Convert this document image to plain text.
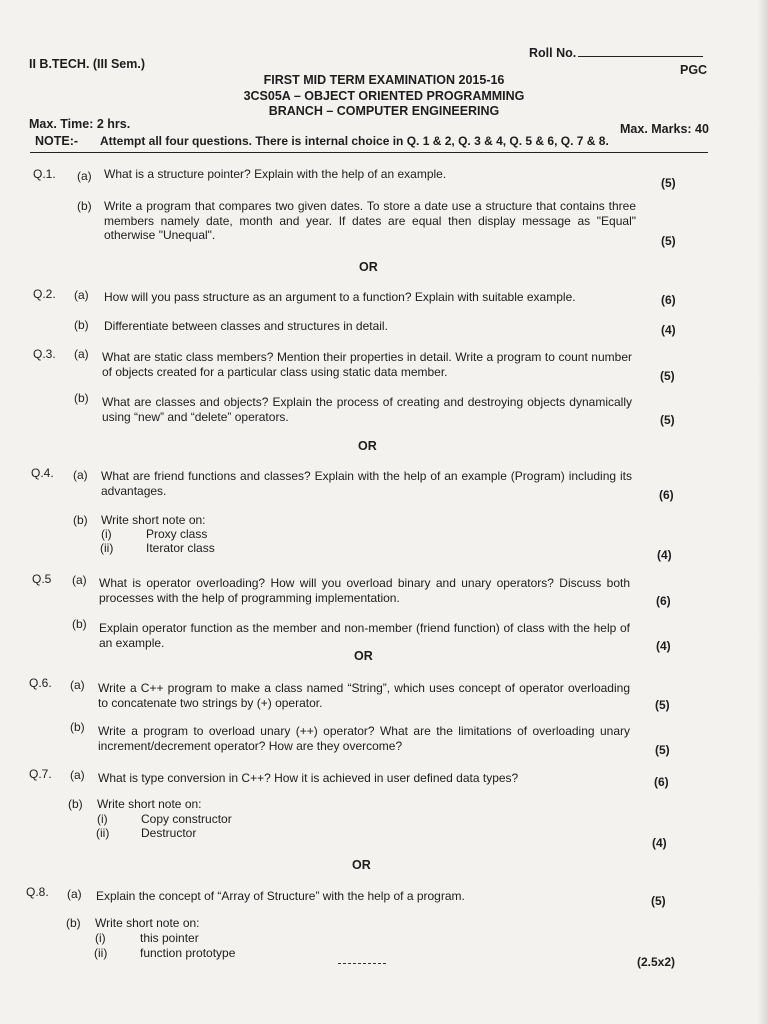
II B.TECH. (III Sem.)
Roll No.
PGC
FIRST MID TERM EXAMINATION 2015-16
3CS05A – OBJECT ORIENTED PROGRAMMING
BRANCH – COMPUTER ENGINEERING
Max. Time: 2 hrs.	Max. Marks: 40
NOTE:- Attempt all four questions. There is internal choice in Q. 1 & 2, Q. 3 & 4, Q. 5 & 6, Q. 7 & 8.
Q.1. (a) What is a structure pointer? Explain with the help of an example.
(5)
(b) Write a program that compares two given dates. To store a date use a structure that contains three members namely date, month and year. If dates are equal then display message as "Equal" otherwise "Unequal".	(5)
OR
Q.2. (a) How will you pass structure as an argument to a function? Explain with suitable example.	(6)
(b) Differentiate between classes and structures in detail.	(4)
Q.3. (a) What are static class members? Mention their properties in detail. Write a program to count number of objects created for a particular class using static data member.	(5)
(b) What are classes and objects? Explain the process of creating and destroying objects dynamically using “new” and “delete” operators.	(5)
OR
Q.4. (a) What are friend functions and classes? Explain with the help of an example (Program) including its advantages.	(6)
(b) Write short note on:
(i)	Proxy class
(ii)	Iterator class	(4)
Q.5 (a) What is operator overloading? How will you overload binary and unary operators? Discuss both processes with the help of programming implementation.	(6)
(b) Explain operator function as the member and non-member (friend function) of class with the help of an example.	(4)
OR
Q.6. (a) Write a C++ program to make a class named “String”, which uses concept of operator overloading to concatenate two strings by (+) operator.	(5)
(b) Write a program to overload unary (++) operator? What are the limitations of overloading unary increment/decrement operator? How are they overcome?	(5)
Q.7. (a) What is type conversion in C++? How it is achieved in user defined data types?	(6)
(b) Write short note on:
(i)	Copy constructor
(ii)	Destructor
(4)
OR
Q.8. (a) Explain the concept of “Array of Structure” with the help of a program.	(5)
(b) Write short note on:
(i)	this pointer
(ii)	function prototype
(2.5x2)
